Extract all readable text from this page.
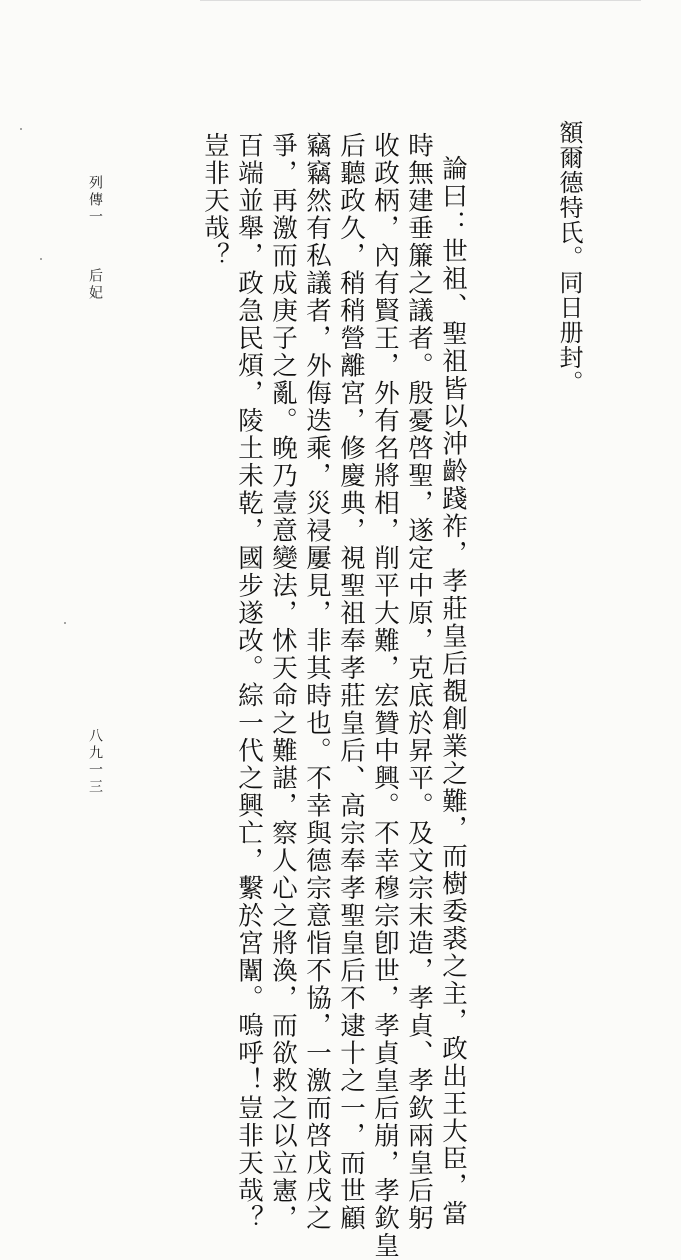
額爾德特氏。同日册封。
論曰：世祖、聖祖皆以沖齡踐祚，孝莊皇后覩創業之難，而樹委裘之主，政出王大臣，當
時無建垂簾之議者。殷憂啓聖，遂定中原，克底於昇平。及文宗末造，孝貞、孝欽兩皇后躬
收政柄，內有賢王，外有名將相，削平大難，宏贊中興。不幸穆宗卽世，孝貞皇后崩，孝欽皇
后聽政久，稍稍營離宮，修慶典，視聖祖奉孝莊皇后、高宗奉孝聖皇后不逮十之一，而世顧
竊竊然有私議者，外侮迭乘，災祲屢見，非其時也。不幸與德宗意恉不協，一激而啓戊戌之
爭，再激而成庚子之亂。晚乃壹意變法，怵天命之難諶，察人心之將渙，而欲救之以立憲，
百端並舉，政急民煩，陵土未乾，國步遂改。綜一代之興亡，繫於宮闈。嗚呼！豈非天哉？
豈非天哉？
列傳一
后妃
八九一三
